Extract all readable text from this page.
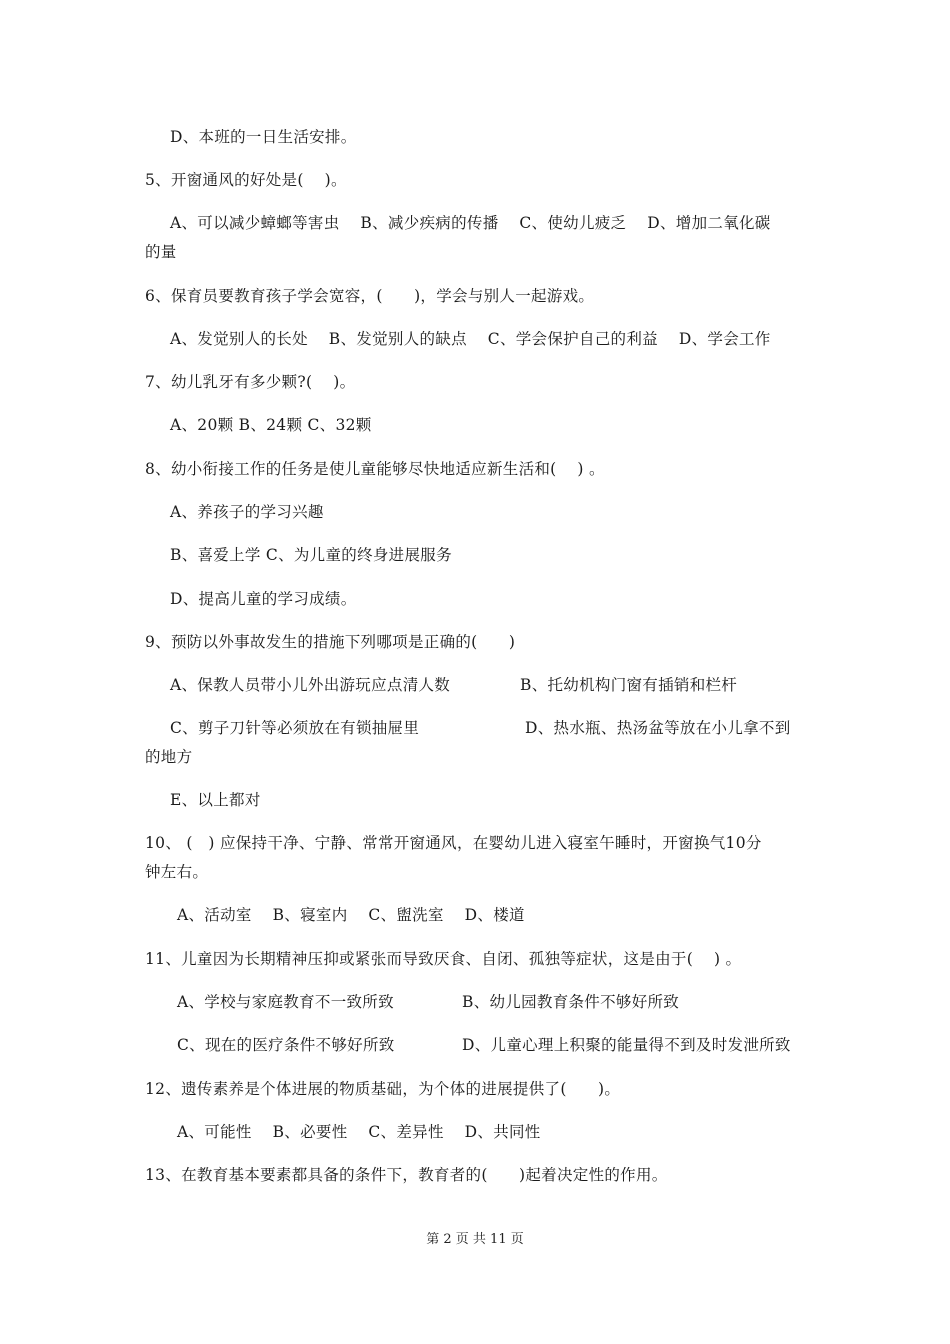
D、本班的一日生活安排。
5、开窗通风的好处是(    )。
A、可以减少蟑螂等害虫    B、减少疾病的传播    C、使幼儿疲乏    D、增加二氧化碳
的量
6、保育员要教育孩子学会宽容，(      )，学会与别人一起游戏。
A、发觉别人的长处    B、发觉别人的缺点    C、学会保护自己的利益    D、学会工作
7、幼儿乳牙有多少颗?(    )。
A、20颗 B、24颗 C、32颗
8、幼小衔接工作的任务是使儿童能够尽快地适应新生活和(    ) 。
A、养孩子的学习兴趣
B、喜爱上学 C、为儿童的终身进展服务
D、提高儿童的学习成绩。
9、预防以外事故发生的措施下列哪项是正确的(      )
A、保教人员带小儿外出游玩应点清人数	B、托幼机构门窗有插销和栏杆
C、剪子刀针等必须放在有锁抽屉里	D、热水瓶、热汤盆等放在小儿拿不到
的地方
E、以上都对
10、 (   ) 应保持干净、宁静、常常开窗通风，在婴幼儿进入寝室午睡时，开窗换气10分
钟左右。
A、活动室    B、寝室内    C、盥洗室    D、楼道
11、儿童因为长期精神压抑或紧张而导致厌食、自闭、孤独等症状，这是由于(    ) 。
A、学校与家庭教育不一致所致	B、幼儿园教育条件不够好所致
C、现在的医疗条件不够好所致	D、儿童心理上积聚的能量得不到及时发泄所致
12、遗传素养是个体进展的物质基础，为个体的进展提供了(      )。
A、可能性    B、必要性    C、差异性    D、共同性
13、在教育基本要素都具备的条件下，教育者的(      )起着决定性的作用。
第 2 页 共 11 页
